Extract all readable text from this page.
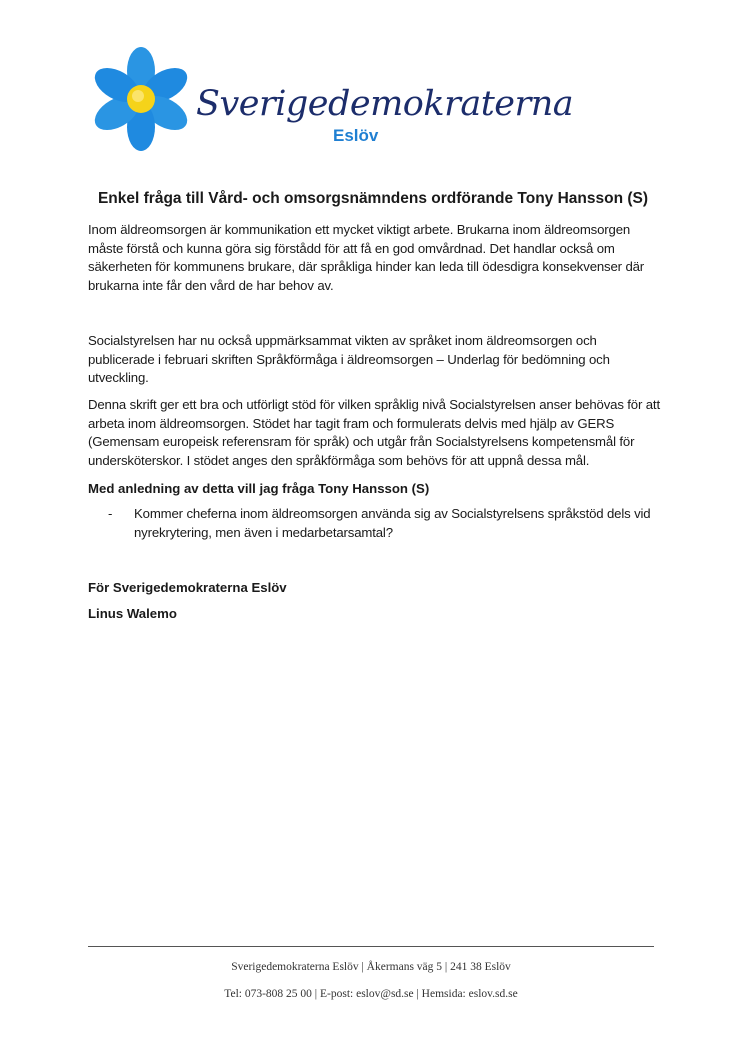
Sverigedemokraterna
Eslöv
Enkel fråga till Vård- och omsorgsnämndens ordförande Tony Hansson (S)

Inom äldreomsorgen är kommunikation ett mycket viktigt arbete. Brukarna inom äldreomsorgen måste förstå och kunna göra sig förstådd för att få en god omvårdnad. Det handlar också om säkerheten för kommunens brukare, där språkliga hinder kan leda till ödesdigra konsekvenser där brukarna inte får den vård de har behov av.

Socialstyrelsen har nu också uppmärksammat vikten av språket inom äldreomsorgen och publicerade i februari skriften Språkförmåga i äldreomsorgen – Underlag för bedömning och utveckling.

Denna skrift ger ett bra och utförligt stöd för vilken språklig nivå Socialstyrelsen anser behövas för att arbeta inom äldreomsorgen. Stödet har tagit fram och formulerats delvis med hjälp av GERS (Gemensam europeisk referensram för språk) och utgår från Socialstyrelsens kompetensmål för undersköterskor. I stödet anges den språkförmåga som behövs för att uppnå dessa mål.

Med anledning av detta vill jag fråga Tony Hansson (S)
- Kommer cheferna inom äldreomsorgen använda sig av Socialstyrelsens språkstöd dels vid nyrekrytering, men även i medarbetarsamtal?
För Sverigedemokraterna Eslöv
Linus Walemo
Sverigedemokraterna Eslöv | Åkermans väg 5 | 241 38 Eslöv
Tel: 073-808 25 00 | E-post: eslov@sd.se | Hemsida: eslov.sd.se
